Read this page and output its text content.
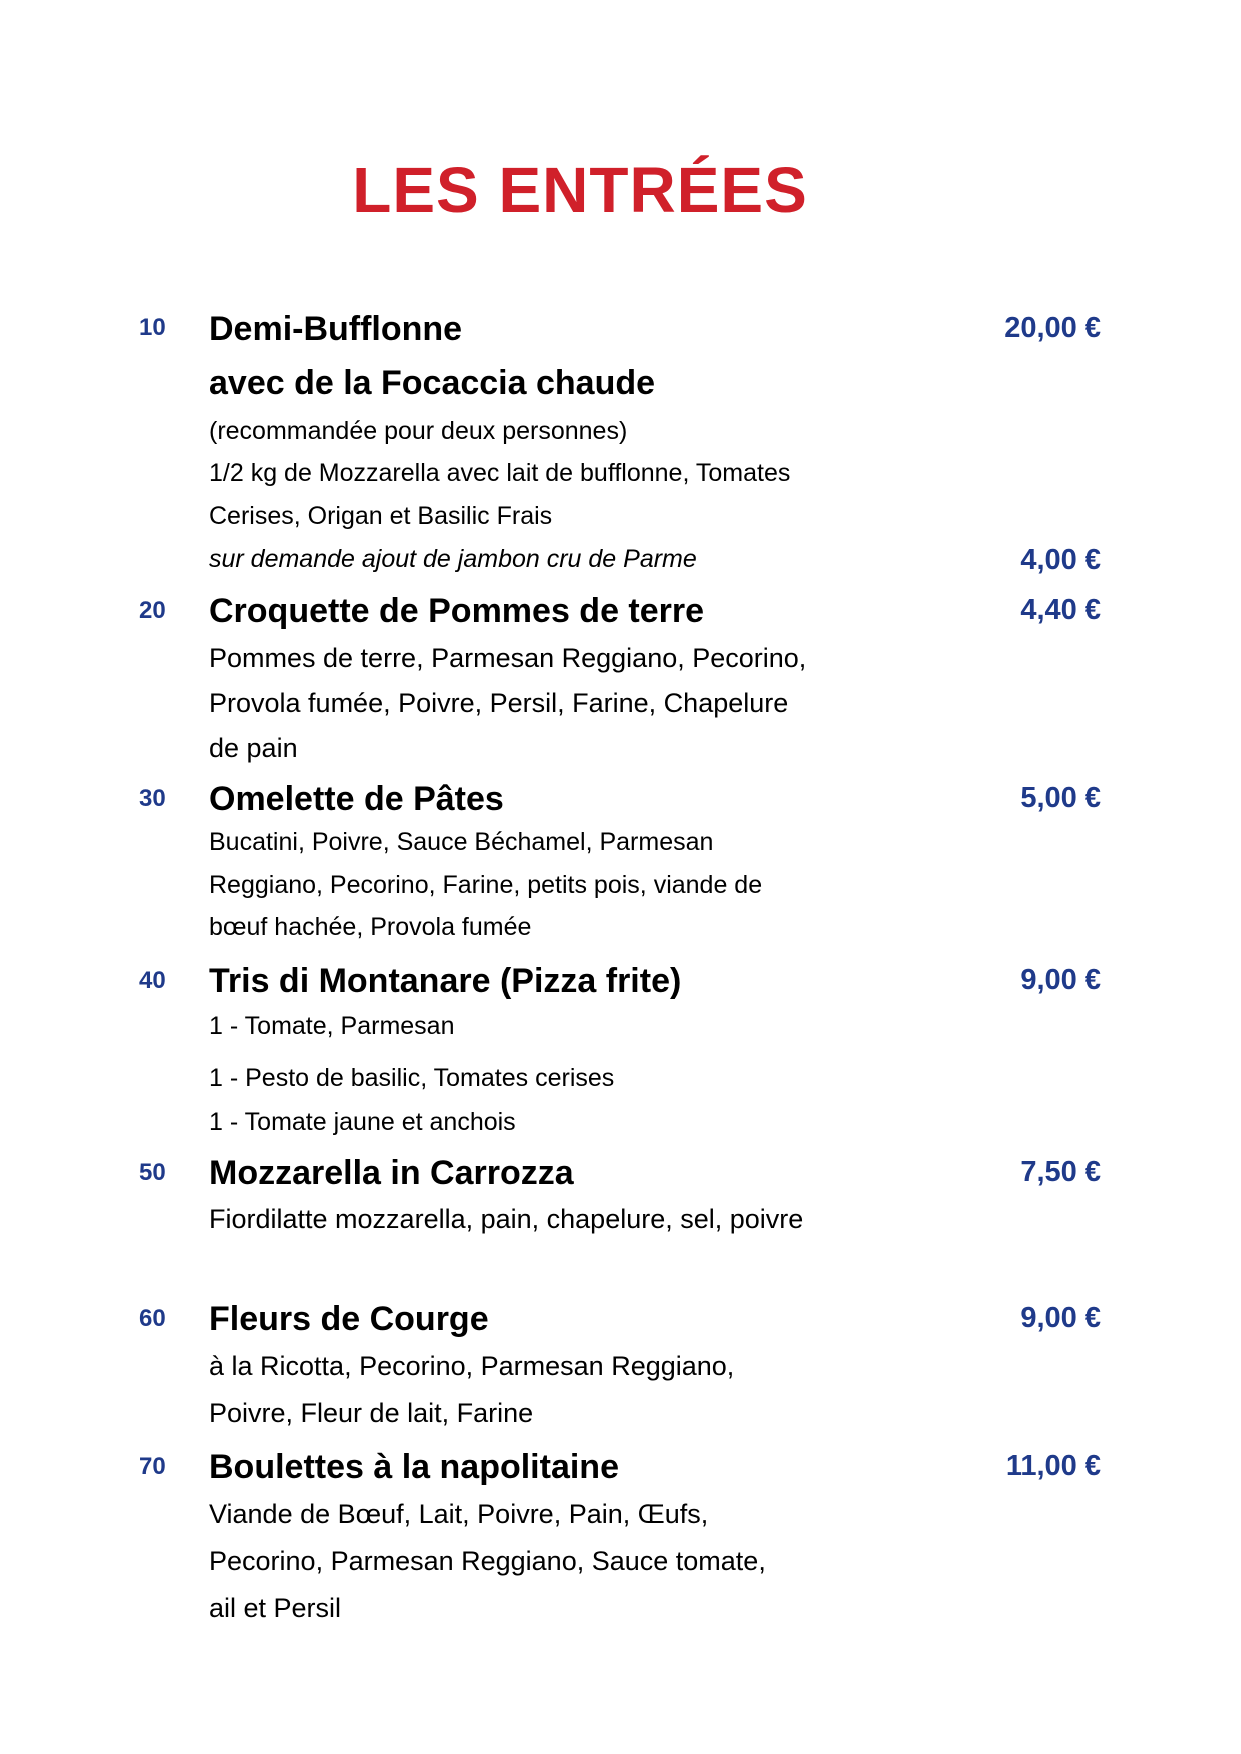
LES ENTRÉES
10	Demi-Bufflonne	20,00 €
avec de la Focaccia chaude
(recommandée pour deux personnes)
1/2 kg de Mozzarella avec lait de bufflonne, Tomates
Cerises, Origan et Basilic Frais
sur demande ajout de jambon cru de Parme	4,00 €
20	Croquette de Pommes de terre	4,40 €
Pommes de terre, Parmesan Reggiano, Pecorino,
Provola fumée, Poivre, Persil, Farine, Chapelure
de pain
30	Omelette de Pâtes	5,00 €
Bucatini, Poivre, Sauce Béchamel, Parmesan
Reggiano, Pecorino, Farine, petits pois, viande de
bœuf hachée, Provola fumée
40	Tris di Montanare (Pizza frite)	9,00 €
1 - Tomate, Parmesan
1 - Pesto de basilic, Tomates cerises
1 - Tomate jaune et anchois
50	Mozzarella in Carrozza	7,50 €
Fiordilatte mozzarella, pain, chapelure, sel, poivre
60	Fleurs de Courge	9,00 €
à la Ricotta, Pecorino, Parmesan Reggiano,
Poivre, Fleur de lait, Farine
70	Boulettes à la napolitaine	11,00 €
Viande de Bœuf, Lait, Poivre, Pain, Œufs,
Pecorino, Parmesan Reggiano, Sauce tomate,
ail et Persil
